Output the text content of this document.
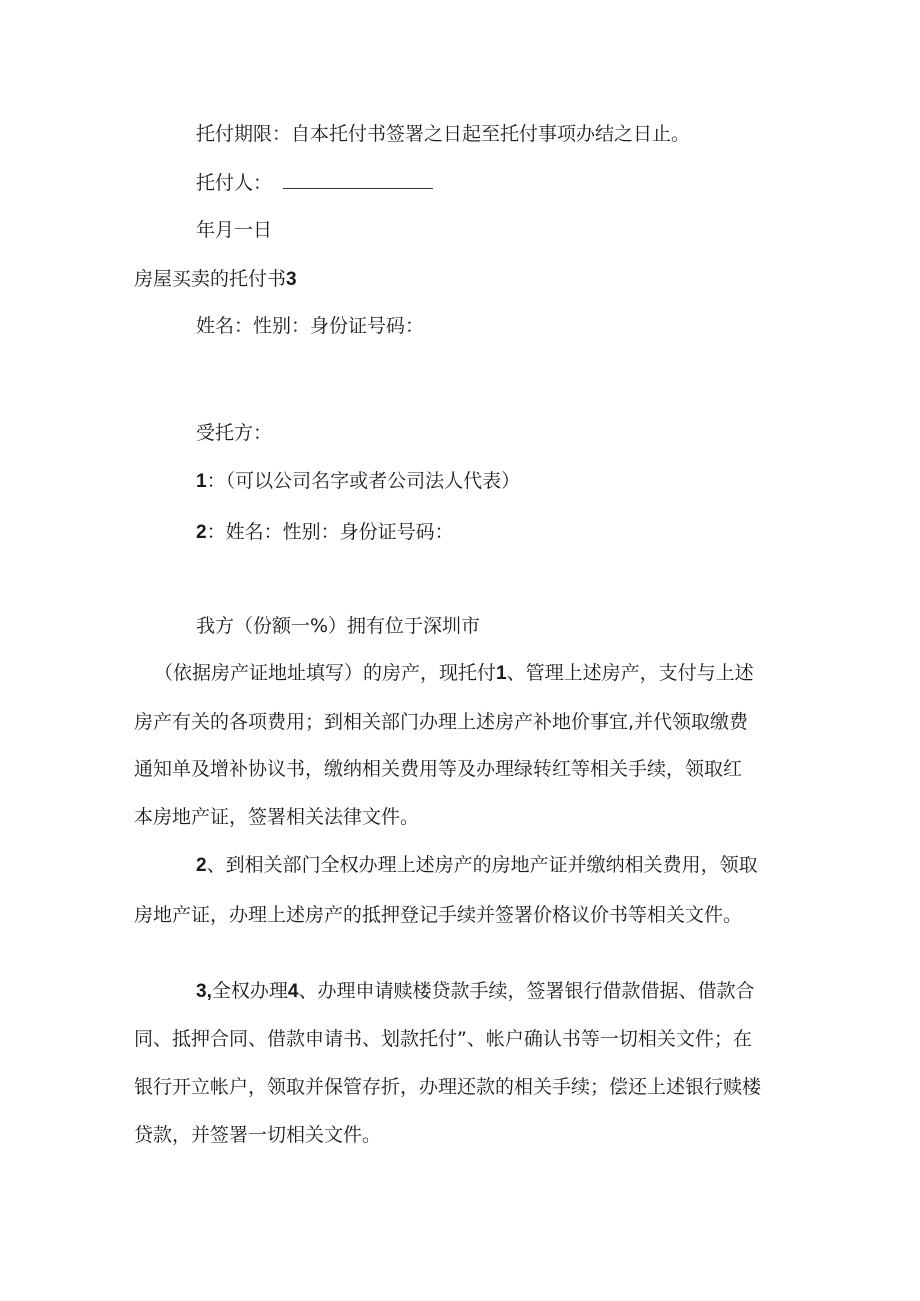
托付期限：自本托付书签署之日起至托付事项办结之日止。
托付人：
年月一日
房屋买卖的托付书3
姓名：性别：身份证号码：
受托方：
1：（可以公司名字或者公司法人代表）
2：姓名：性别：身份证号码：
我方（份额一%）拥有位于深圳市
（依据房产证地址填写）的房产，现托付1、管理上述房产，支付与上述
房产有关的各项费用；到相关部门办理上述房产补地价事宜,并代领取缴费
通知单及增补协议书，缴纳相关费用等及办理绿转红等相关手续，领取红
本房地产证，签署相关法律文件。
2、到相关部门全权办理上述房产的房地产证并缴纳相关费用，领取
房地产证，办理上述房产的抵押登记手续并签署价格议价书等相关文件。
3,全权办理4、办理申请赎楼贷款手续，签署银行借款借据、借款合
同、抵押合同、借款申请书、划款托付”、帐户确认书等一切相关文件；在
银行开立帐户，领取并保管存折，办理还款的相关手续；偿还上述银行赎楼
贷款，并签署一切相关文件。
